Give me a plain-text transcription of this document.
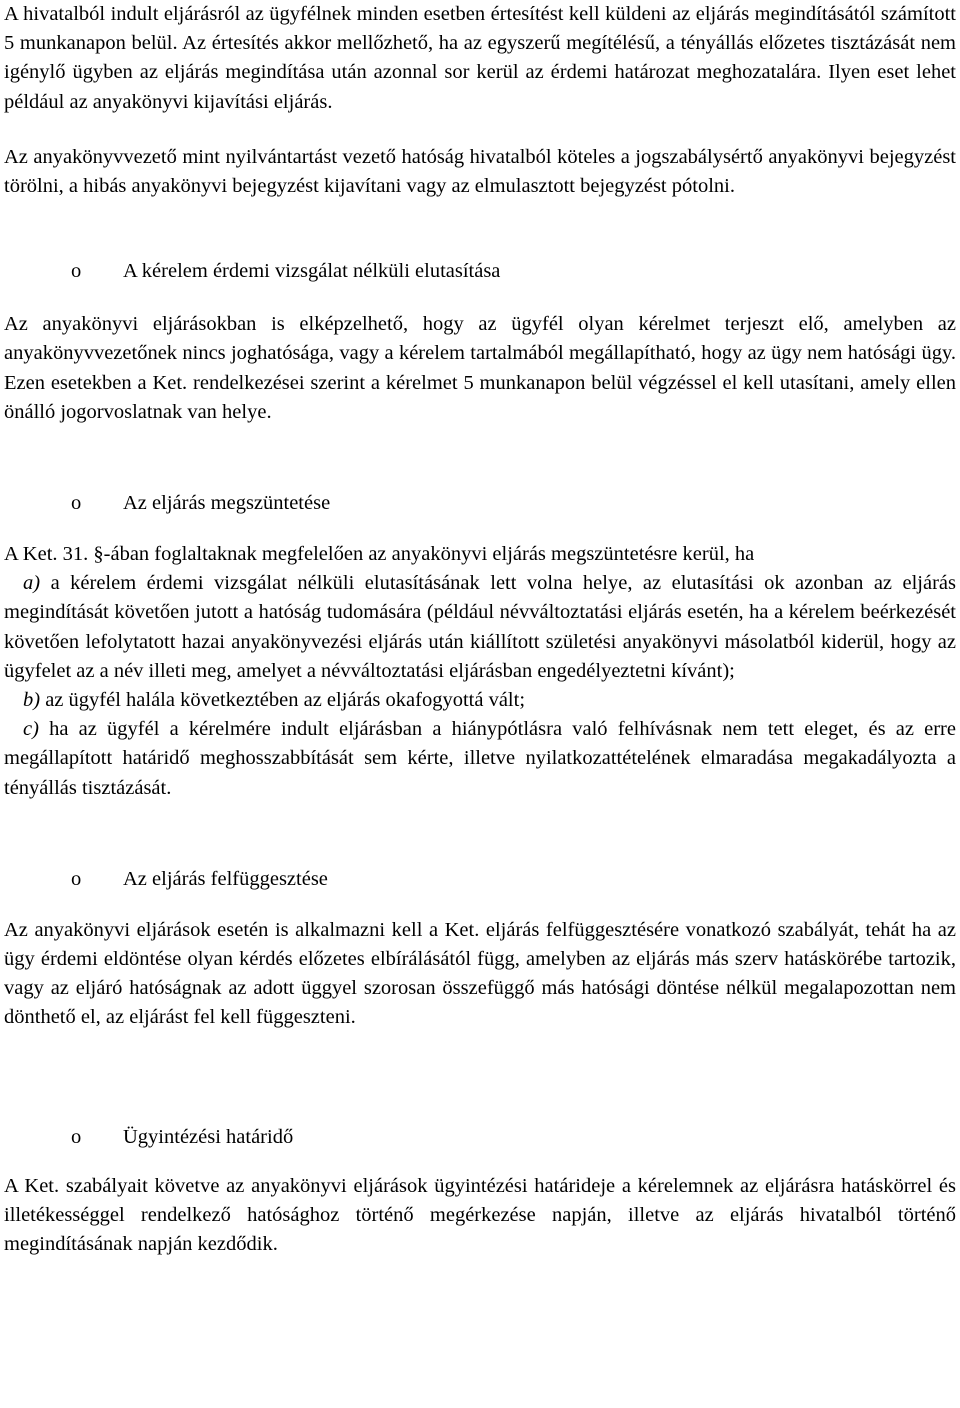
A hivatalból indult eljárásról az ügyfélnek minden esetben értesítést kell küldeni az eljárás megindításától számított 5 munkanapon belül. Az értesítés akkor mellőzhető, ha az egyszerű megítélésű, a tényállás előzetes tisztázását nem igénylő ügyben az eljárás megindítása után azonnal sor kerül az érdemi határozat meghozatalára. Ilyen eset lehet például az anyakönyvi kijavítási eljárás.

Az anyakönyvvezető mint nyilvántartást vezető hatóság hivatalból köteles a jogszabálysértő anyakönyvi bejegyzést törölni, a hibás anyakönyvi bejegyzést kijavítani vagy az elmulasztott bejegyzést pótolni.

o A kérelem érdemi vizsgálat nélküli elutasítása

Az anyakönyvi eljárásokban is elképzelhető, hogy az ügyfél olyan kérelmet terjeszt elő, amelyben az anyakönyvvezetőnek nincs joghatósága, vagy a kérelem tartalmából megállapítható, hogy az ügy nem hatósági ügy. Ezen esetekben a Ket. rendelkezései szerint a kérelmet 5 munkanapon belül végzéssel el kell utasítani, amely ellen önálló jogorvoslatnak van helye.

o Az eljárás megszüntetése

A Ket. 31. §-ában foglaltaknak megfelelően az anyakönyvi eljárás megszüntetésre kerül, ha
a) a kérelem érdemi vizsgálat nélküli elutasításának lett volna helye, az elutasítási ok azonban az eljárás megindítását követően jutott a hatóság tudomására (például névváltoztatási eljárás esetén, ha a kérelem beérkezését követően lefolytatott hazai anyakönyvezési eljárás után kiállított születési anyakönyvi másolatból kiderül, hogy az ügyfelet az a név illeti meg, amelyet a névváltoztatási eljárásban engedélyeztetni kívánt);
b) az ügyfél halála következtében az eljárás okafogyottá vált;
c) ha az ügyfél a kérelmére indult eljárásban a hiánypótlásra való felhívásnak nem tett eleget, és az erre megállapított határidő meghosszabbítását sem kérte, illetve nyilatkozattételének elmaradása megakadályozta a tényállás tisztázását.

o Az eljárás felfüggesztése

Az anyakönyvi eljárások esetén is alkalmazni kell a Ket. eljárás felfüggesztésére vonatkozó szabályát, tehát ha az ügy érdemi eldöntése olyan kérdés előzetes elbírálásától függ, amelyben az eljárás más szerv hatáskörébe tartozik, vagy az eljáró hatóságnak az adott üggyel szorosan összefüggő más hatósági döntése nélkül megalapozottan nem dönthető el, az eljárást fel kell függeszteni.

o Ügyintézési határidő

A Ket. szabályait követve az anyakönyvi eljárások ügyintézési határideje a kérelemnek az eljárásra hatáskörrel és illetékességgel rendelkező hatósághoz történő megérkezése napján, illetve az eljárás hivatalból történő megindításának napján kezdődik.
